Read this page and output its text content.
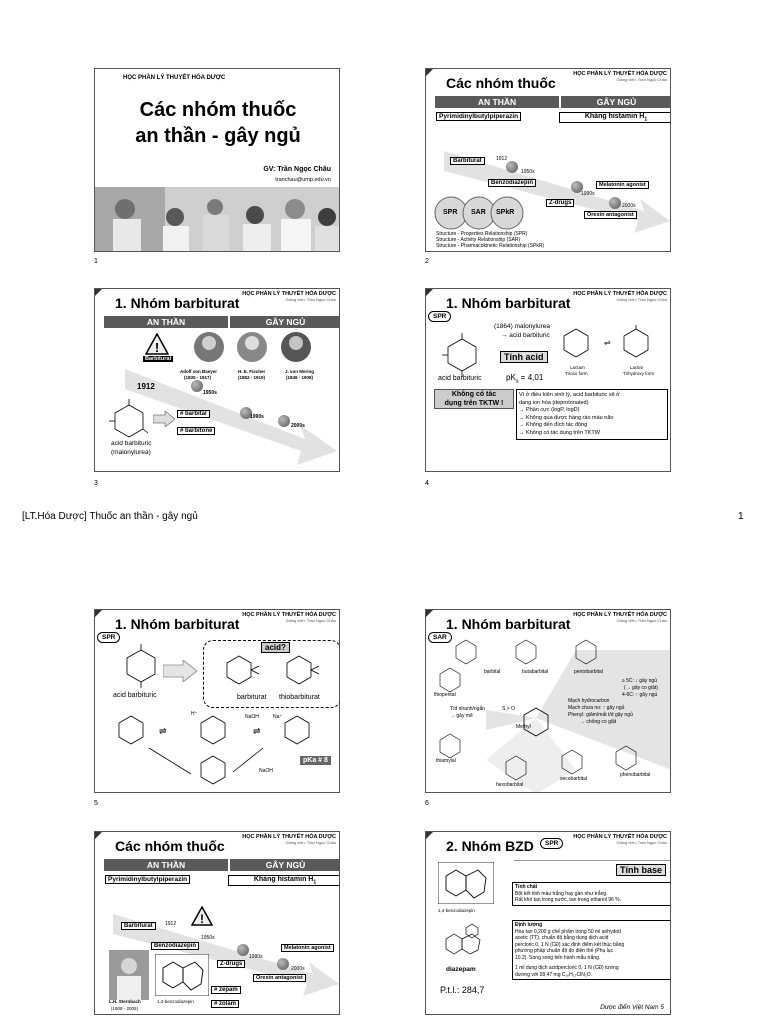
HỌC PHẦN LÝ THUYẾT HÓA DƯỢC
Các nhóm thuốc
an thần - gây ngủ
GV: Trần Ngọc Châu
tranchau@ump.edu.vn
1
Các nhóm thuốc
HỌC PHẦN LÝ THUYẾT HÓA DƯỢC
Giảng viên: Trần Ngọc Châu
AN THẦN	GÂY NGỦ
Pyrimidinylbutylpiperazin	Kháng histamin $H_1$
Barbiturat	1912
1950s
Benzodiazepin
1990s
Melatonin agonist
Z-drugs	2000s
Orexin antagonist
SPR SAR SPkR
Structure - Properties Relationship (SPR)
Structure - Activity Relationship (SAR)
Structure - Pharmacokinetic Relationship (SPkR)
2
1. Nhóm barbiturat
HỌC PHẦN LÝ THUYẾT HÓA DƯỢC
Giảng viên: Trần Ngọc Châu
AN THẦN	GÂY NGỦ
!
Barbiturat
Adolf von Baeyer
(1835 - 1917)
H. E. Fischer
(1852 - 1919)
J. von Mering
(1849 - 1908)
1912
1950s
1990s
2000s
# barbital
# barbitone
acid barbituric
(malonylurea)
3
SPR
1. Nhóm barbiturat
HỌC PHẦN LÝ THUYẾT HÓA DƯỢC
Giảng viên: Trần Ngọc Châu
(1864) malonylurea
→ acid barbituric
Tính acid
acid barbituric	$pK_a = 4,01$
⇌
Lactam
Trioxo form
Lactim
Trihydroxy form
Không có tác
dụng trên TKTW !
Vì ở điều kiện sinh lý, acid barbituric sẽ ở
dạng ion hóa (deprotonated)
→ Phân cực (logP, logD)
→ Không qua được hàng rào máu não
→ Không đến đích tác động
→ Không có tác dụng trên TKTW
4
[LT.Hóa Dược] Thuốc an thần - gây ngủ	1
SPR
1. Nhóm barbiturat
HỌC PHẦN LÝ THUYẾT HÓA DƯỢC
Giảng viên: Trần Ngọc Châu
acid barbituric
acid?
barbiturat thiobarbiturat
⇌	⇌
H⁺	NaOH	Na⁺
NaOH
pKa # 8
5
SAR
1. Nhóm barbiturat
HỌC PHẦN LÝ THUYẾT HÓA DƯỢC
Giảng viên: Trần Ngọc Châu
barbital	butabarbital	pentobarbital
thiopental
thiamylal
hexobarbital
secobarbital
phenobarbital
T/d nhanh/ngắn
→ gây mê
S > O
Methyl
≥ 5C: ↓ gây ngủ
(→ gây co giật)
4-6C: ↑ gây ngủ
Mạch hydrocarbon
Mạch chưa no: ↑ gây ngủ
Phenyl: giảm/mất t/d gây ngủ
→ chống co giật
6
Các nhóm thuốc
HỌC PHẦN LÝ THUYẾT HÓA DƯỢC
Giảng viên: Trần Ngọc Châu
AN THẦN	GÂY NGỦ
Pyrimidinylbutylpiperazin	Kháng histamin $H_1$
Barbiturat	1912 !
1950s
Benzodiazepin
1990s
Melatonin agonist
Z-drugs
2000s
Orexin antagonist
# zepam
# zolam
L.H. Sternbach
(1908 - 2005)
1,4-benzodiazepin
2. Nhóm BZD	SPR
HỌC PHẦN LÝ THUYẾT HÓA DƯỢC
Giảng viên: Trần Ngọc Châu
Tính base
1,4-benzodiazepin
diazepam
P.t.l.: 284,7
Tính chất
Bột kết tinh màu trắng hay gần như trắng.
Rất khó tan trong nước, tan trong ethanol 96 %.
Định lượng
Hòa tan 0,200 g chế phẩm trong 50 ml anhydrid
acetic (TT), chuẩn độ bằng dung dịch acid
percloric 0, 1 N (CĐ) xác định điểm kết thúc bằng
phương pháp chuẩn độ đo điện thế (Phụ lục
10.2). Song song tiến hành mẫu trắng.
1 ml dung dịch acidpercloric 0, 1 N (CĐ) tương
đương với 28,47 mg C₁₆H₁₃ClN₂O.
Dược điển Việt Nam 5
